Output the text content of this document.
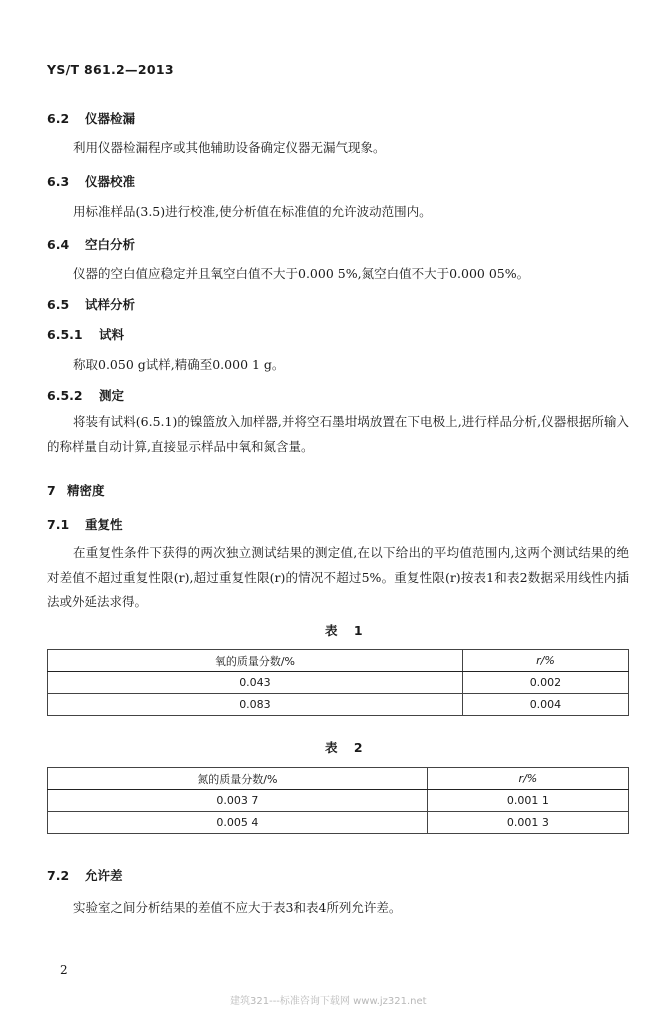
YS/T 861.2—2013
6.2 仪器检漏
利用仪器检漏程序或其他辅助设备确定仪器无漏气现象。
6.3 仪器校准
用标准样品(3.5)进行校准,使分析值在标准值的允许波动范围内。
6.4 空白分析
仪器的空白值应稳定并且氧空白值不大于0.000 5%,氮空白值不大于0.000 05%。
6.5 试样分析
6.5.1 试料
称取0.050 g试样,精确至0.000 1 g。
6.5.2 测定
将装有试料(6.5.1)的镍篮放入加样器,并将空石墨坩埚放置在下电极上,进行样品分析,仪器根据所输入的称样量自动计算,直接显示样品中氧和氮含量。
7 精密度
7.1 重复性
在重复性条件下获得的两次独立测试结果的测定值,在以下给出的平均值范围内,这两个测试结果的绝对差值不超过重复性限(r),超过重复性限(r)的情况不超过5%。重复性限(r)按表1和表2数据采用线性内插法或外延法求得。
表 1
氧的质量分数/%	r/%
0.043	0.002
0.083	0.004
表 2
氮的质量分数/%	r/%
0.003 7	0.001 1
0.005 4	0.001 3
7.2 允许差
实验室之间分析结果的差值不应大于表3和表4所列允许差。
2
建筑321---标准咨询下载网 www.jz321.net
